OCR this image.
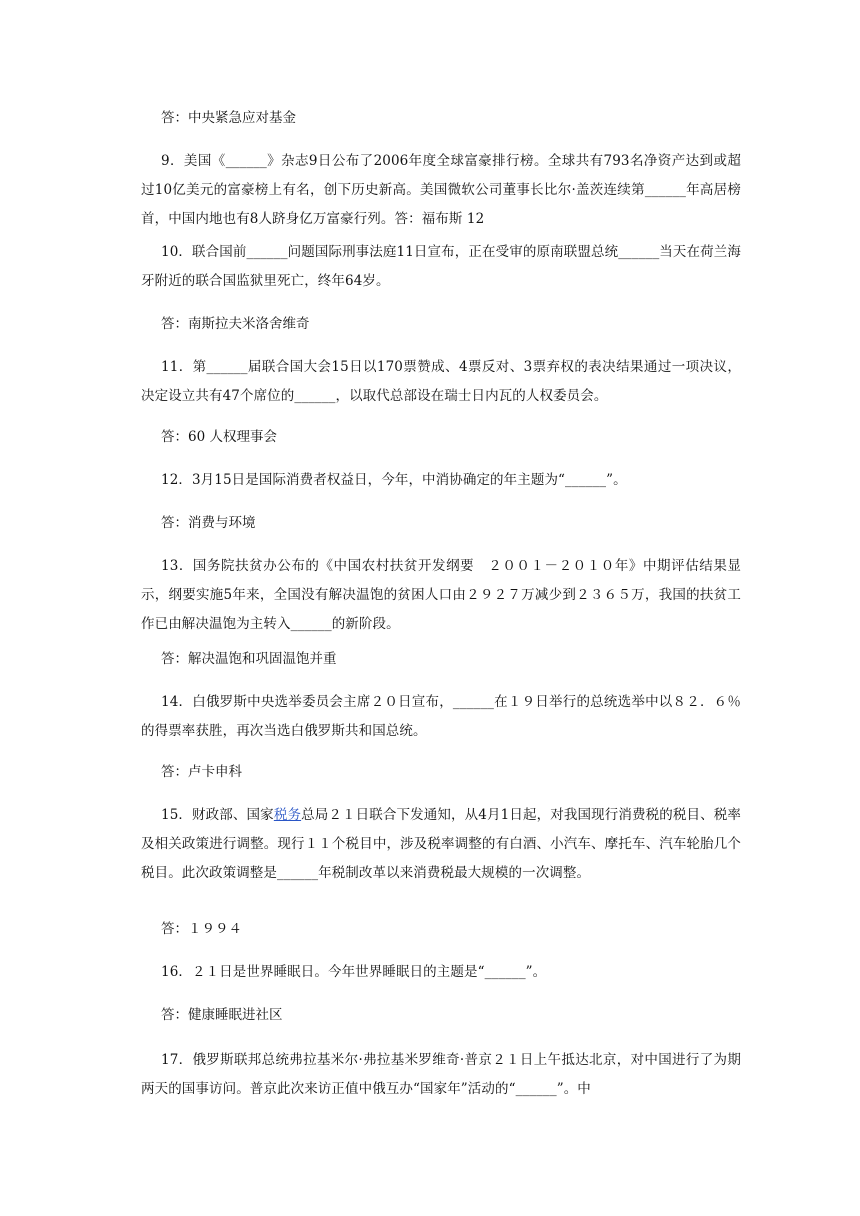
答：中央紧急应对基金

9．美国《______》杂志9日公布了2006年度全球富豪排行榜。全球共有793名净资产达到或超过10亿美元的富豪榜上有名，创下历史新高。美国微软公司董事长比尔·盖茨连续第______年高居榜首，中国内地也有8人跻身亿万富豪行列。答：福布斯 12

10．联合国前______问题国际刑事法庭11日宣布，正在受审的原南联盟总统______当天在荷兰海牙附近的联合国监狱里死亡，终年64岁。

答：南斯拉夫米洛舍维奇

11．第______届联合国大会15日以170票赞成、4票反对、3票弃权的表决结果通过一项决议，决定设立共有47个席位的______，以取代总部设在瑞士日内瓦的人权委员会。

答：60 人权理事会

12．3月15日是国际消费者权益日，今年，中消协确定的年主题为“______”。

答：消费与环境

13．国务院扶贫办公布的《中国农村扶贫开发纲要　２００１－２０１０年》中期评估结果显示，纲要实施5年来，全国没有解决温饱的贫困人口由２９２７万减少到２３６５万，我国的扶贫工作已由解决温饱为主转入______的新阶段。

答：解决温饱和巩固温饱并重

14．白俄罗斯中央选举委员会主席２０日宣布，______在１９日举行的总统选举中以８２．６％的得票率获胜，再次当选白俄罗斯共和国总统。

答：卢卡申科

15．财政部、国家税务总局２１日联合下发通知，从4月1日起，对我国现行消费税的税目、税率及相关政策进行调整。现行１１个税目中，涉及税率调整的有白酒、小汽车、摩托车、汽车轮胎几个税目。此次政策调整是______年税制改革以来消费税最大规模的一次调整。

答：１９９４

16．２１日是世界睡眠日。今年世界睡眠日的主题是“______”。

答：健康睡眠进社区

17．俄罗斯联邦总统弗拉基米尔·弗拉基米罗维奇·普京２１日上午抵达北京，对中国进行了为期两天的国事访问。普京此次来访正值中俄互办“国家年”活动的“______”。中
